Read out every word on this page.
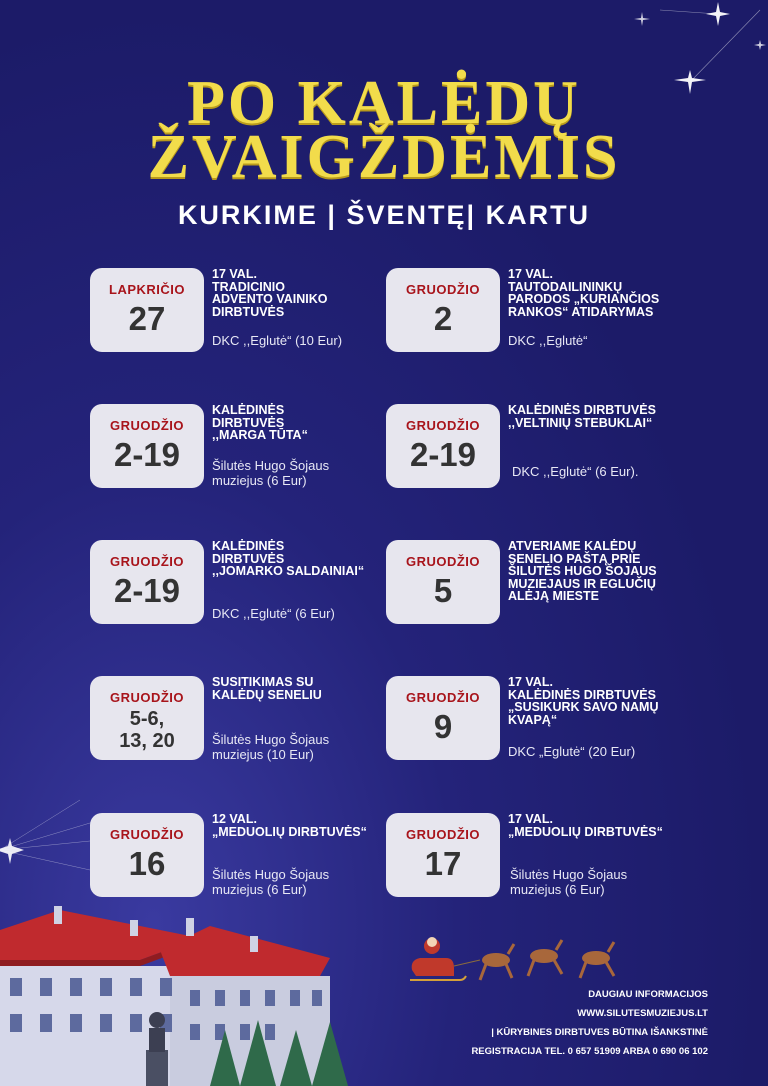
PO KALĖDŲ
ŽVAIGŽDĖMIS
KURKIME | ŠVENTĘ| KARTU
LAPKRIČIO
27
17 VAL.
TRADICINIO
ADVENTO VAINIKO
DIRBTUVĖS
DKC ,,Eglutė“ (10 Eur)
GRUODŽIO
2
17 VAL.
TAUTODAILININKŲ
PARODOS „KURIANČIOS
RANKOS“ ATIDARYMAS
DKC ,,Eglutė“
GRUODŽIO
2-19
KALĖDINĖS
DIRBTUVĖS
,,MARGA TŪTA“
Šilutės Hugo Šojaus
muziejus (6 Eur)
GRUODŽIO
2-19
KALĖDINĖS DIRBTUVĖS
,,VELTINIŲ STEBUKLAI“
DKC ,,Eglutė“ (6 Eur).
GRUODŽIO
2-19
KALĖDINĖS
DIRBTUVĖS
,,JOMARKO SALDAINIAI“
DKC ,,Eglutė“ (6 Eur)
GRUODŽIO
5
ATVERIAME KALĖDŲ
SENELIO PAŠTĄ PRIE
ŠILUTĖS HUGO ŠOJAUS
MUZIEJAUS IR EGLUČIŲ
ALĖJĄ MIESTE
GRUODŽIO
5-6,
13, 20
SUSITIKIMAS SU
KALĖDŲ SENELIU
Šilutės Hugo Šojaus
muziejus (10 Eur)
GRUODŽIO
9
17 VAL.
KALĖDINĖS DIRBTUVĖS
„SUSIKURK SAVO NAMŲ
KVAPĄ“
DKC „Eglutė“ (20 Eur)
GRUODŽIO
16
12 VAL.
„MEDUOLIŲ DIRBTUVĖS“
Šilutės Hugo Šojaus
muziejus (6 Eur)
GRUODŽIO
17
17 VAL.
„MEDUOLIŲ DIRBTUVĖS“
Šilutės Hugo Šojaus
muziejus (6 Eur)
DAUGIAU INFORMACIJOS
WWW.SILUTESMUZIEJUS.LT
| KŪRYBINES DIRBTUVES BŪTINA IŠANKSTINĖ
REGISTRACIJA TEL. 0 657 51909 ARBA 0 690 06 102
